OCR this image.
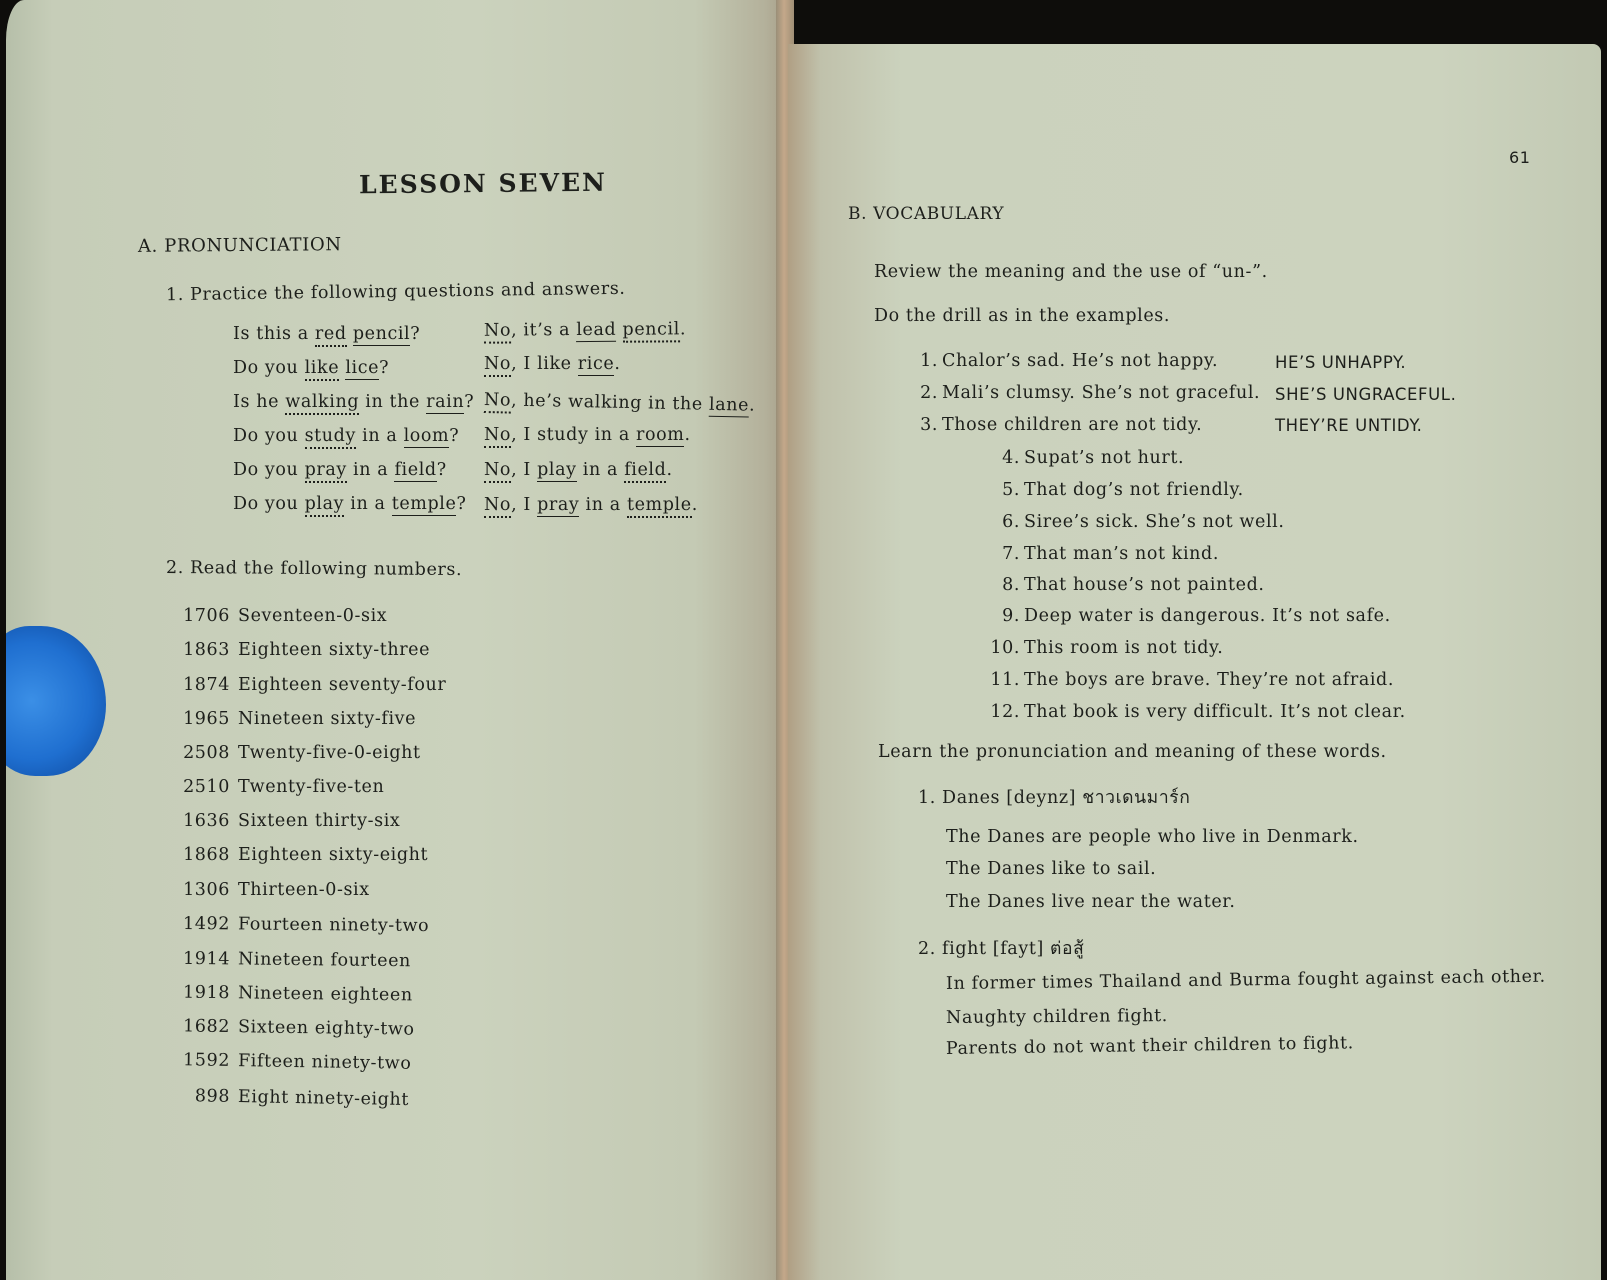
LESSON SEVEN
A. PRONUNCIATION
1. Practice the following questions and answers.
Is this a red pencil?	No, it’s a lead pencil.
Do you like lice?	No, I like rice.
Is he walking in the rain? No, he’s walking in the lane.
Do you study in a loom? No, I study in a room.
Do you pray in a field? No, I play in a field.
Do you play in a temple? No, I pray in a temple.
2. Read the following numbers.
1706 Seventeen-0-six
1863 Eighteen sixty-three
1874 Eighteen seventy-four
1965 Nineteen sixty-five
2508 Twenty-five-0-eight
2510 Twenty-five-ten
1636 Sixteen thirty-six
1868 Eighteen sixty-eight
1306 Thirteen-0-six
1492 Fourteen ninety-two
1914 Nineteen fourteen
1918 Nineteen eighteen
1682 Sixteen eighty-two
1592 Fifteen ninety-two
898 Eight ninety-eight
61
B. VOCABULARY
Review the meaning and the use of “un-”.
Do the drill as in the examples.
1. Chalor’s sad. He’s not happy.	HE’S UNHAPPY.
2. Mali’s clumsy. She’s not graceful. SHE’S UNGRACEFUL.
3. Those children are not tidy.	THEY’RE UNTIDY.
4. Supat’s not hurt.
5. That dog’s not friendly.
6. Siree’s sick. She’s not well.
7. That man’s not kind.
8. That house’s not painted.
9. Deep water is dangerous. It’s not safe.
10. This room is not tidy.
11. The boys are brave. They’re not afraid.
12. That book is very difficult. It’s not clear.
Learn the pronunciation and meaning of these words.
1. Danes [deynz] ชาวเดนมาร์ก
The Danes are people who live in Denmark.
The Danes like to sail.
The Danes live near the water.
2. fight [fayt] ต่อสู้
In former times Thailand and Burma fought against each other.
Naughty children fight.
Parents do not want their children to fight.
